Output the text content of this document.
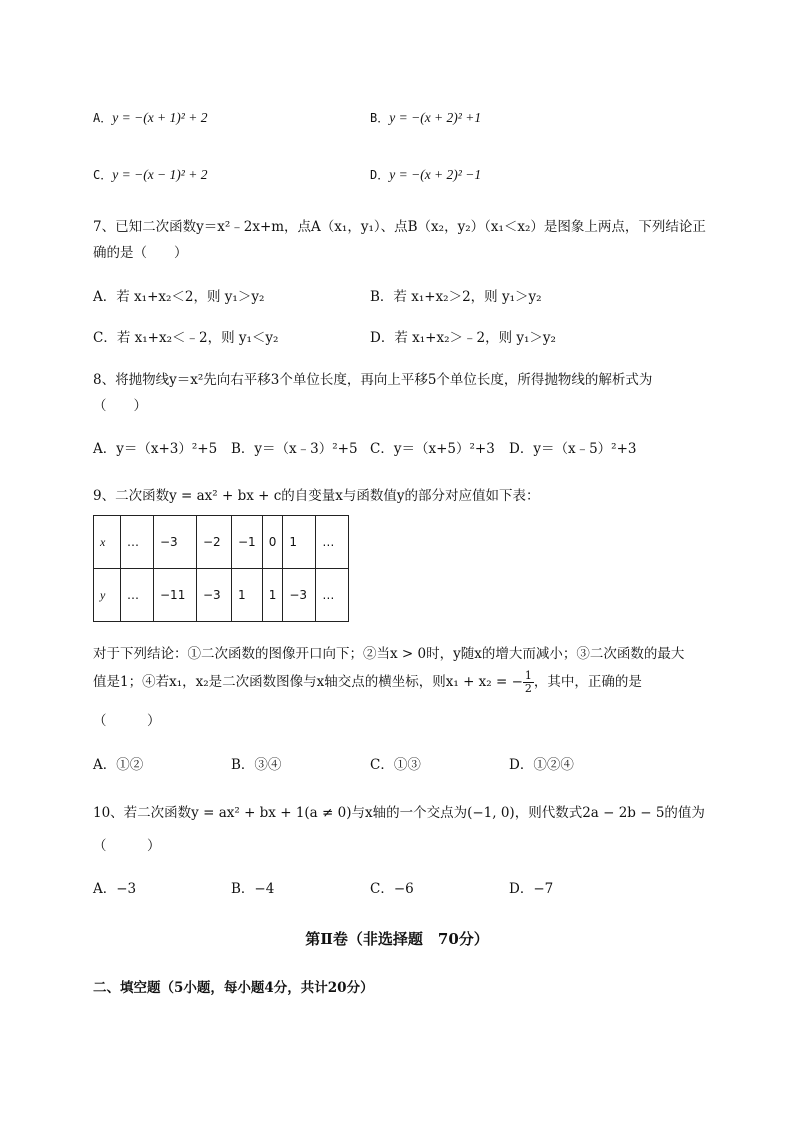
A．y = −(x + 1)² + 2	B．y = −(x + 2)² +1
C．y = −(x − 1)² + 2	D．y = −(x + 2)² −1
7、已知二次函数y＝x²﹣2x+m，点A（x₁，y₁）、点B（x₂，y₂）（x₁＜x₂）是图象上两点，下列结论正
确的是（　　）
A．若 x₁+x₂＜2，则 y₁＞y₂	B．若 x₁+x₂＞2，则 y₁＞y₂
C．若 x₁+x₂＜﹣2，则 y₁＜y₂	D．若 x₁+x₂＞﹣2，则 y₁＞y₂
8、将抛物线y＝x²先向右平移3个单位长度，再向上平移5个单位长度，所得抛物线的解析式为
（　　）
A．y＝（x+3）²+5 B．y＝（x﹣3）²+5 C．y＝（x+5）²+3 D．y＝（x﹣5）²+3
9、二次函数y = ax² + bx + c的自变量x与函数值y的部分对应值如下表：
x	…	−3	−2	−1	0	1	…
y	…	−11	−3	1	1	−3	…
对于下列结论：①二次函数的图像开口向下；②当x > 0时，y随x的增大而减小；③二次函数的最大
值是1；④若x₁，x₂是二次函数图像与x轴交点的横坐标，则x₁ + x₂ = − $\frac{1}{2}$ ，其中，正确的是
（　　　）
A．①②	B．③④	C．①③	D．①②④
10、若二次函数y = ax² + bx + 1(a ≠ 0)与x轴的一个交点为(−1, 0)，则代数式2a − 2b − 5的值为
（　　　）
A．−3	B．−4	C．−6	D．−7
第Ⅱ卷（非选择题　70分）
二、填空题（5小题，每小题4分，共计20分）
